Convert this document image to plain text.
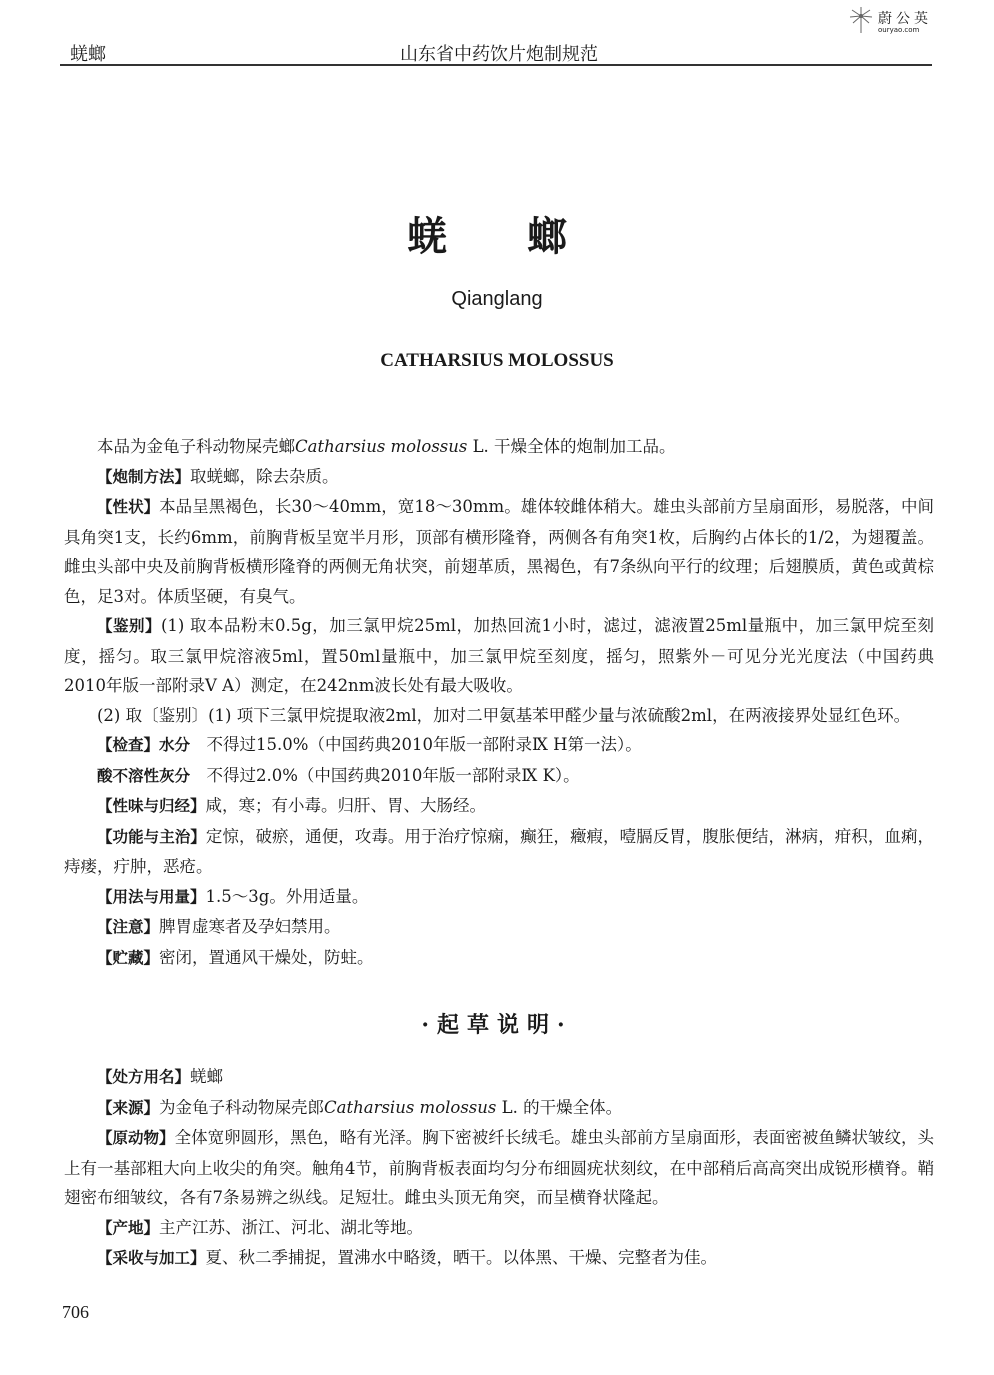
蜣螂	山东省中药饮片炮制规范
蔚公英
ouryao.com
蜣螂
Qianglang
CATHARSIUS MOLOSSUS

本品为金龟子科动物屎壳螂Catharsius molossus L. 干燥全体的炮制加工品。

【炮制方法】取蜣螂，除去杂质。

【性状】本品呈黑褐色，长30～40mm，宽18～30mm。雄体较雌体稍大。雄虫头部前方呈扇面形，易脱落，中间具角突1支，长约6mm，前胸背板呈宽半月形，顶部有横形隆脊，两侧各有角突1枚，后胸约占体长的1/2，为翅覆盖。雌虫头部中央及前胸背板横形隆脊的两侧无角状突，前翅革质，黑褐色，有7条纵向平行的纹理；后翅膜质，黄色或黄棕色，足3对。体质坚硬，有臭气。

【鉴别】(1) 取本品粉末0.5g，加三氯甲烷25ml，加热回流1小时，滤过，滤液置25ml量瓶中，加三氯甲烷至刻度，摇匀。取三氯甲烷溶液5ml，置50ml量瓶中，加三氯甲烷至刻度，摇匀，照紫外－可见分光光度法（中国药典2010年版一部附录Ⅴ A）测定，在242nm波长处有最大吸收。

(2) 取〔鉴别〕(1) 项下三氯甲烷提取液2ml，加对二甲氨基苯甲醛少量与浓硫酸2ml，在两液接界处显红色环。

【检查】水分　不得过15.0%（中国药典2010年版一部附录Ⅸ H第一法）。

酸不溶性灰分　不得过2.0%（中国药典2010年版一部附录Ⅸ K）。

【性味与归经】咸，寒；有小毒。归肝、胃、大肠经。

【功能与主治】定惊，破瘀，通便，攻毒。用于治疗惊痫，癫狂，癥瘕，噎膈反胃，腹胀便结，淋病，疳积，血痢，痔瘘，疔肿，恶疮。

【用法与用量】1.5～3g。外用适量。

【注意】脾胃虚寒者及孕妇禁用。

【贮藏】密闭，置通风干燥处，防蛀。

·起草说明·

【处方用名】蜣螂

【来源】为金龟子科动物屎壳郎Catharsius molossus L. 的干燥全体。

【原动物】全体宽卵圆形，黑色，略有光泽。胸下密被纤长绒毛。雄虫头部前方呈扇面形，表面密被鱼鳞状皱纹，头上有一基部粗大向上收尖的角突。触角4节，前胸背板表面均匀分布细圆疣状刻纹，在中部稍后高高突出成锐形横脊。鞘翅密布细皱纹，各有7条易辨之纵线。足短壮。雌虫头顶无角突，而呈横脊状隆起。

【产地】主产江苏、浙江、河北、湖北等地。

【采收与加工】夏、秋二季捕捉，置沸水中略烫，晒干。以体黑、干燥、完整者为佳。

706
